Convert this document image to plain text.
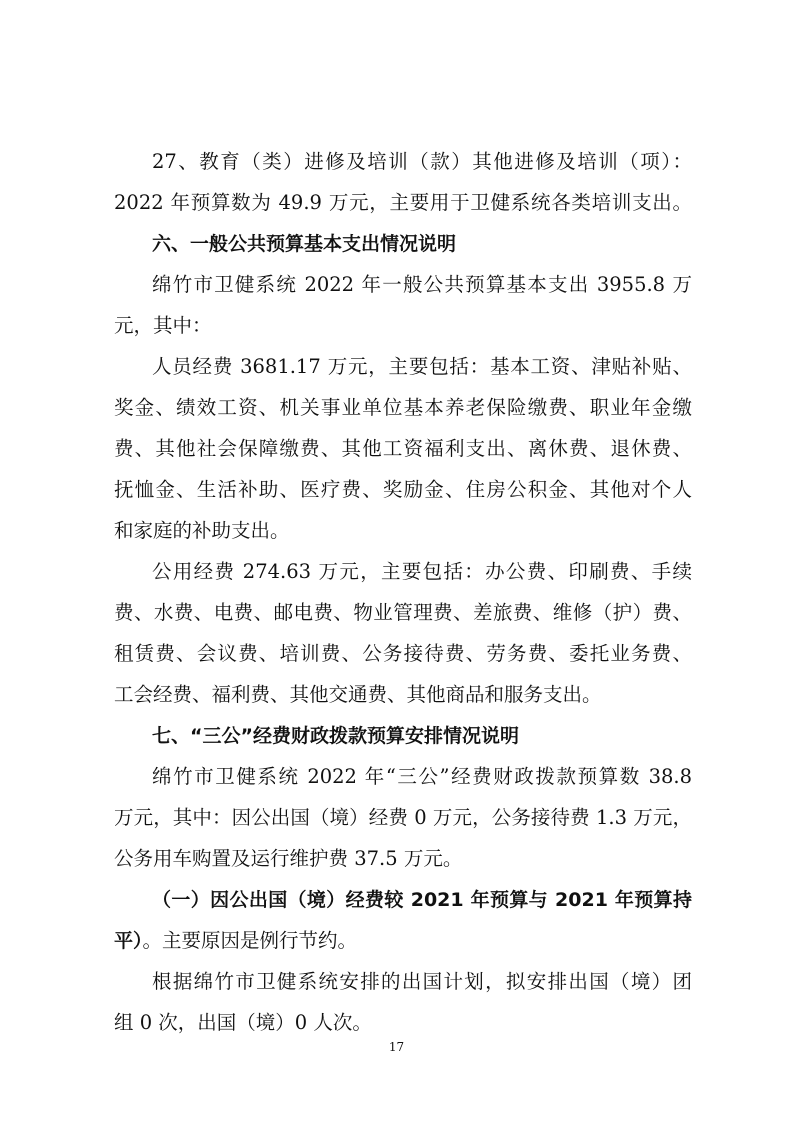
27、教育（类）进修及培训（款）其他进修及培训（项）：
2022 年预算数为 49.9 万元，主要用于卫健系统各类培训支出。
六、一般公共预算基本支出情况说明
绵竹市卫健系统 2022 年一般公共预算基本支出 3955.8 万
元，其中：
人员经费 3681.17 万元，主要包括：基本工资、津贴补贴、
奖金、绩效工资、机关事业单位基本养老保险缴费、职业年金缴
费、其他社会保障缴费、其他工资福利支出、离休费、退休费、
抚恤金、生活补助、医疗费、奖励金、住房公积金、其他对个人
和家庭的补助支出。
公用经费 274.63 万元，主要包括：办公费、印刷费、手续
费、水费、电费、邮电费、物业管理费、差旅费、维修（护）费、
租赁费、会议费、培训费、公务接待费、劳务费、委托业务费、
工会经费、福利费、其他交通费、其他商品和服务支出。
七、“三公”经费财政拨款预算安排情况说明
绵竹市卫健系统 2022 年“三公”经费财政拨款预算数 38.8
万元，其中：因公出国（境）经费 0 万元，公务接待费 1.3 万元，
公务用车购置及运行维护费 37.5 万元。
（一）因公出国（境）经费较 2021 年预算与 2021 年预算持
平）。主要原因是例行节约。
根据绵竹市卫健系统安排的出国计划，拟安排出国（境）团
组 0 次，出国（境）0 人次。
17
